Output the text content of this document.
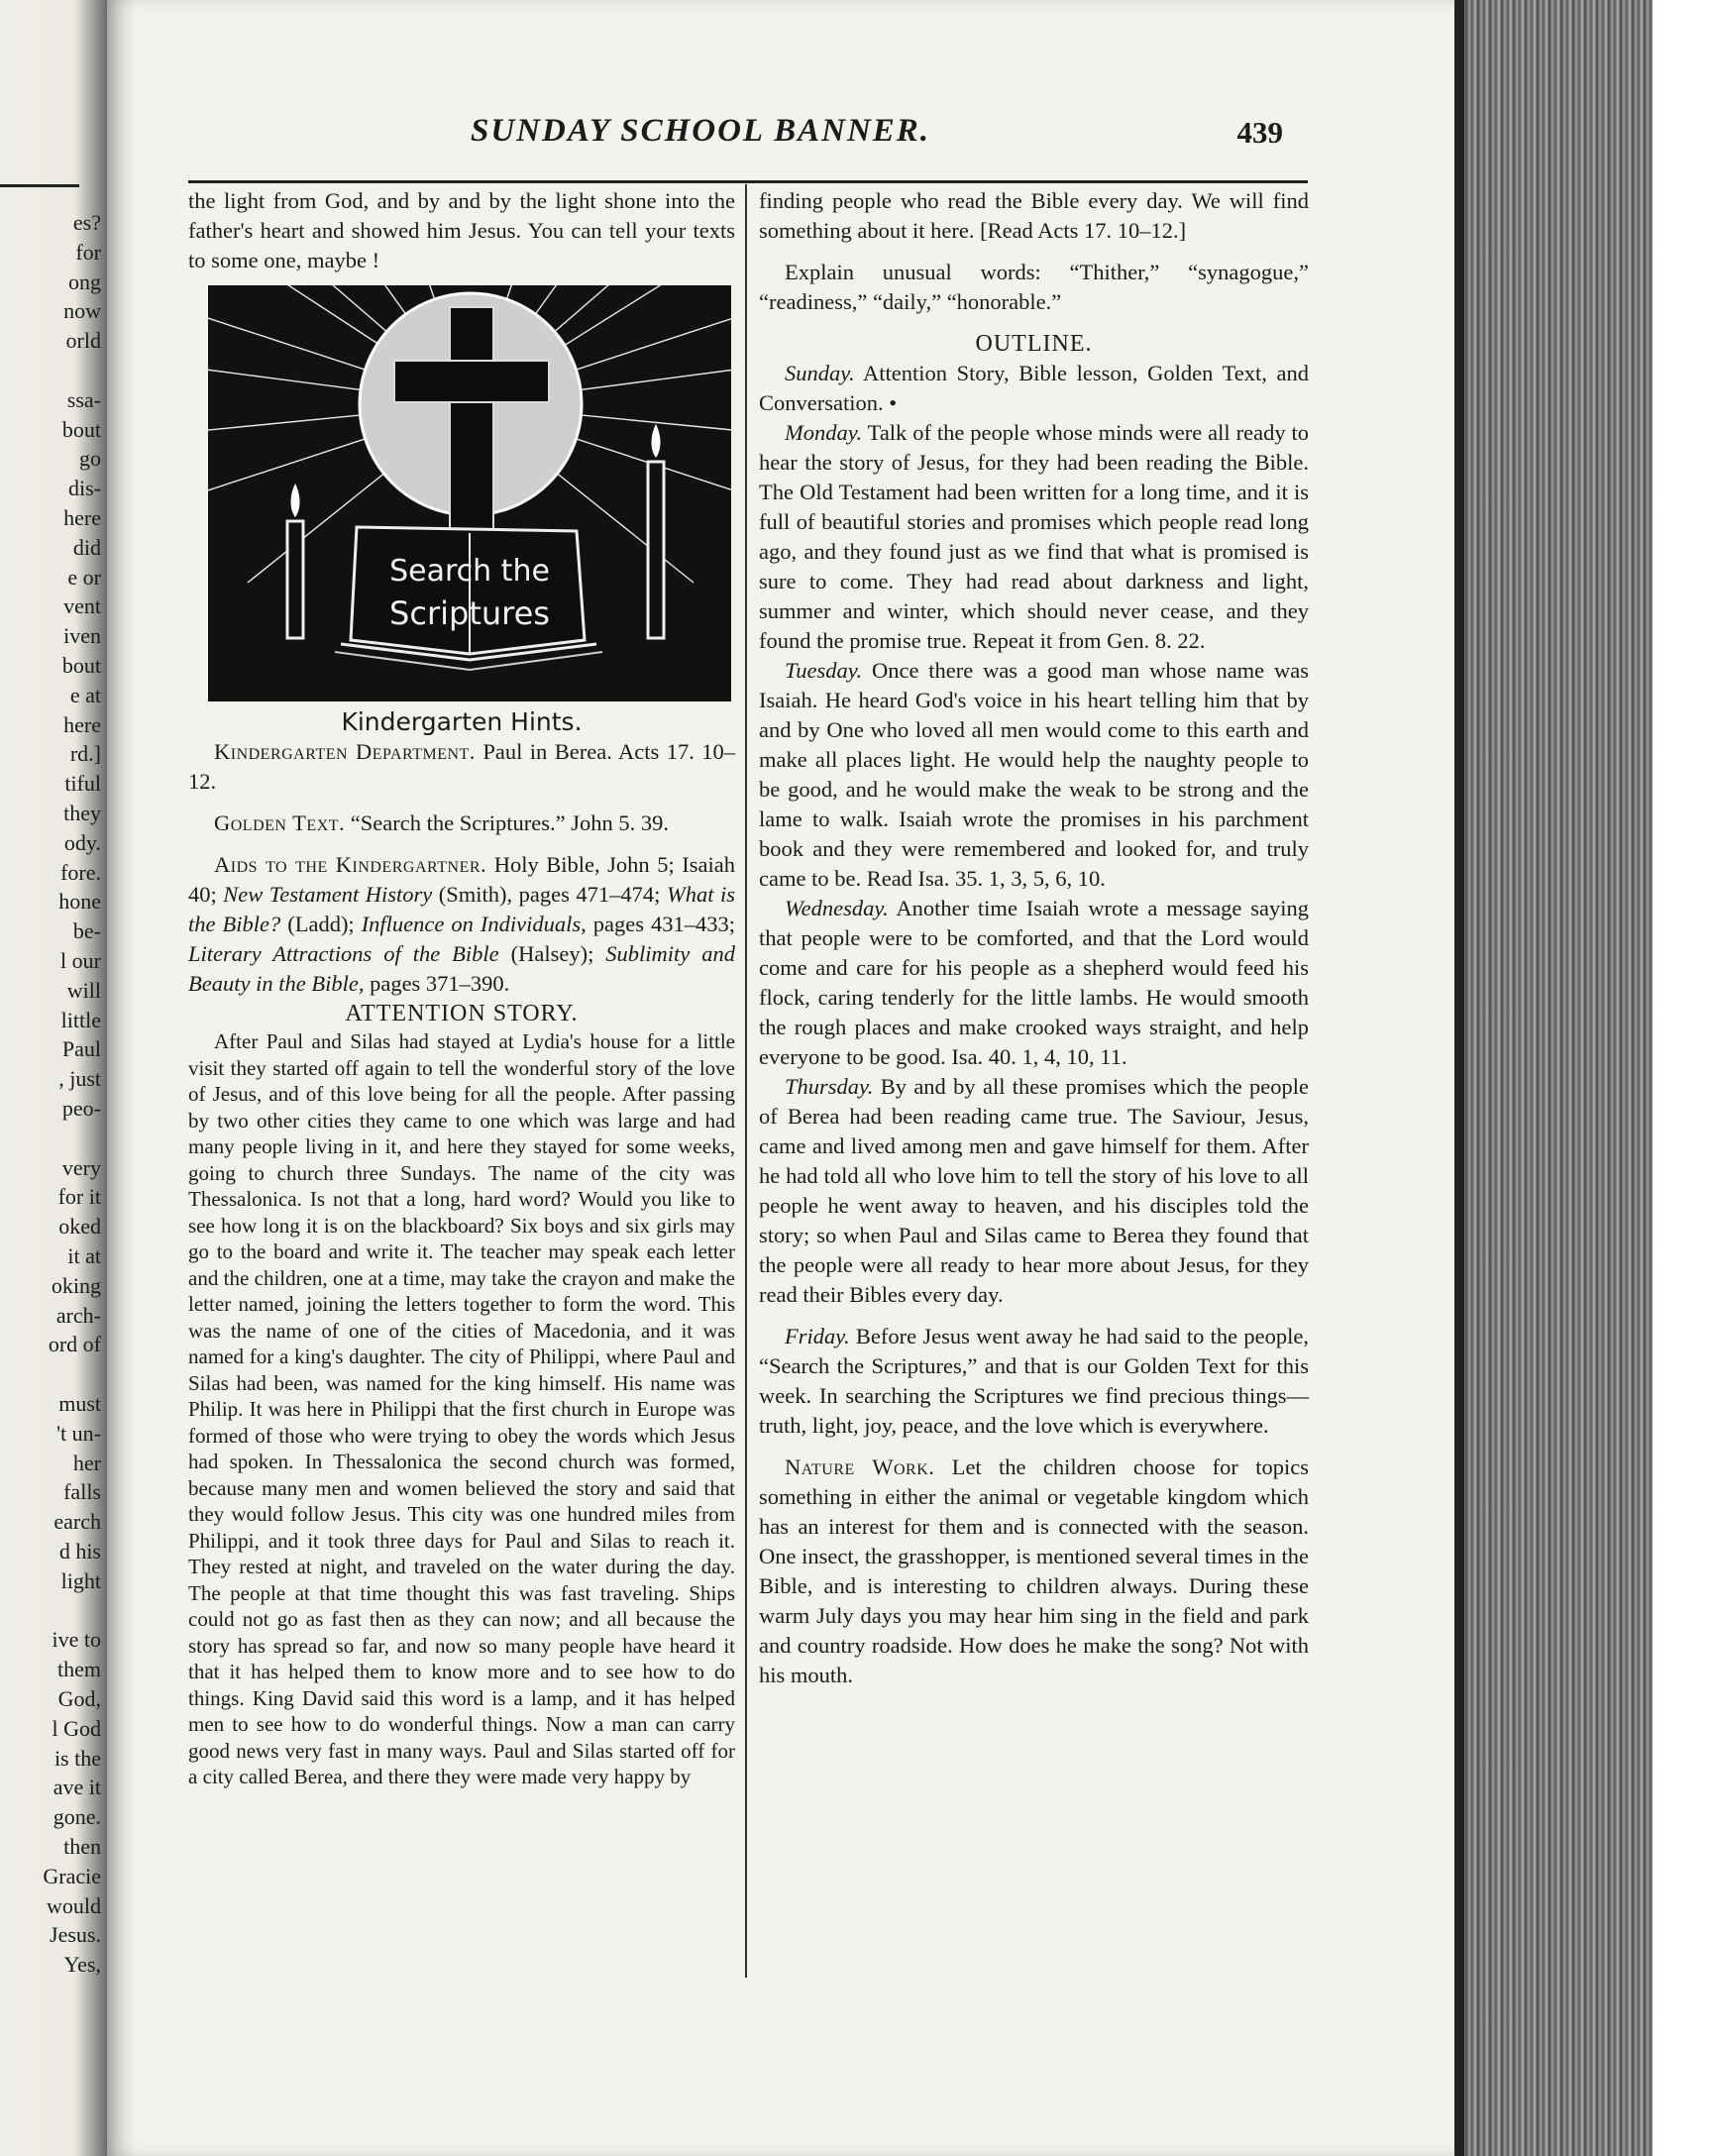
es?
for
ong
now
orld
ssa-
bout
go
dis-
here
did
e or
vent
iven
bout
e at
here
rd.]
tiful
they
ody.
fore.
hone
be-
l our
will
little
Paul
, just
peo-
very
for it
oked
it at
oking
arch-
ord of
must
't un-
her
falls
earch
d his
light
ive to
them
God,
l God
is the
ave it
gone.
then
Gracie
would
Jesus.
Yes,
SUNDAY SCHOOL BANNER.	439

the light from God, and by and by the light shone into the father's heart and showed him Jesus. You can tell your texts to some one, maybe !

Search the
Scriptures

Kindergarten Hints.

Kindergarten Department. Paul in Berea. Acts 17. 10–12.

Golden Text. “Search the Scriptures.” John 5. 39.

Aids to the Kindergartner. Holy Bible, John 5; Isaiah 40; New Testament History (Smith), pages 471–474; What is the Bible? (Ladd); Influence on Individuals, pages 431–433; Literary Attractions of the Bible (Halsey); Sublimity and Beauty in the Bible, pages 371–390.

ATTENTION STORY.

After Paul and Silas had stayed at Lydia's house for a little visit they started off again to tell the wonderful story of the love of Jesus, and of this love being for all the people. After passing by two other cities they came to one which was large and had many people living in it, and here they stayed for some weeks, going to church three Sundays. The name of the city was Thessalonica. Is not that a long, hard word? Would you like to see how long it is on the blackboard? Six boys and six girls may go to the board and write it. The teacher may speak each letter and the children, one at a time, may take the crayon and make the letter named, joining the letters together to form the word. This was the name of one of the cities of Macedonia, and it was named for a king's daughter. The city of Philippi, where Paul and Silas had been, was named for the king himself. His name was Philip. It was here in Philippi that the first church in Europe was formed of those who were trying to obey the words which Jesus had spoken. In Thessalonica the second church was formed, because many men and women believed the story and said that they would follow Jesus. This city was one hundred miles from Philippi, and it took three days for Paul and Silas to reach it. They rested at night, and traveled on the water during the day. The people at that time thought this was fast traveling. Ships could not go as fast then as they can now; and all because the story has spread so far, and now so many people have heard it that it has helped them to know more and to see how to do things. King David said this word is a lamp, and it has helped men to see how to do wonderful things. Now a man can carry good news very fast in many ways. Paul and Silas started off for a city called Berea, and there they were made very happy by

finding people who read the Bible every day. We will find something about it here. [Read Acts 17. 10–12.]

Explain unusual words: “Thither,” “synagogue,” “readiness,” “daily,” “honorable.”

OUTLINE.

Sunday. Attention Story, Bible lesson, Golden Text, and Conversation. •

Monday. Talk of the people whose minds were all ready to hear the story of Jesus, for they had been reading the Bible. The Old Testament had been written for a long time, and it is full of beautiful stories and promises which people read long ago, and they found just as we find that what is promised is sure to come. They had read about darkness and light, summer and winter, which should never cease, and they found the promise true. Repeat it from Gen. 8. 22.

Tuesday. Once there was a good man whose name was Isaiah. He heard God's voice in his heart telling him that by and by One who loved all men would come to this earth and make all places light. He would help the naughty people to be good, and he would make the weak to be strong and the lame to walk. Isaiah wrote the promises in his parchment book and they were remembered and looked for, and truly came to be. Read Isa. 35. 1, 3, 5, 6, 10.

Wednesday. Another time Isaiah wrote a message saying that people were to be comforted, and that the Lord would come and care for his people as a shepherd would feed his flock, caring tenderly for the little lambs. He would smooth the rough places and make crooked ways straight, and help everyone to be good. Isa. 40. 1, 4, 10, 11.

Thursday. By and by all these promises which the people of Berea had been reading came true. The Saviour, Jesus, came and lived among men and gave himself for them. After he had told all who love him to tell the story of his love to all people he went away to heaven, and his disciples told the story; so when Paul and Silas came to Berea they found that the people were all ready to hear more about Jesus, for they read their Bibles every day.

Friday. Before Jesus went away he had said to the people, “Search the Scriptures,” and that is our Golden Text for this week. In searching the Scriptures we find precious things—truth, light, joy, peace, and the love which is everywhere.

Nature Work. Let the children choose for topics something in either the animal or vegetable kingdom which has an interest for them and is connected with the season. One insect, the grasshopper, is mentioned several times in the Bible, and is interesting to children always. During these warm July days you may hear him sing in the field and park and country roadside. How does he make the song? Not with his mouth.
